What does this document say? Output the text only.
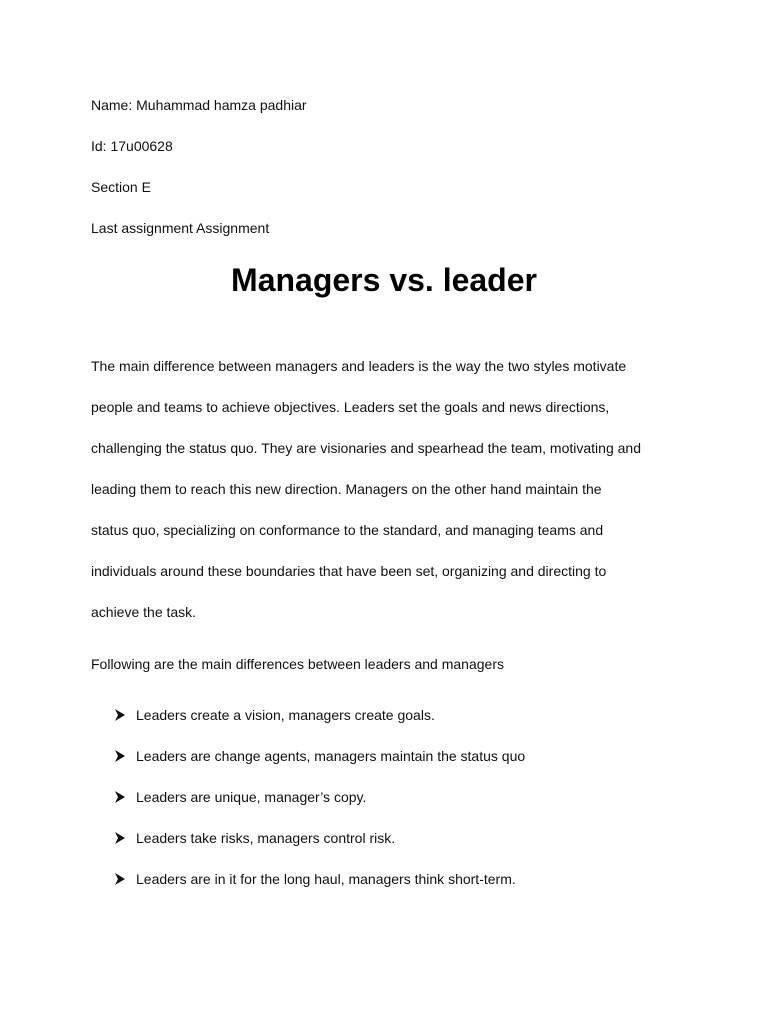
Name: Muhammad hamza padhiar
Id: 17u00628
Section E
Last assignment Assignment
Managers vs. leader
The main difference between managers and leaders is the way the two styles motivate
people and teams to achieve objectives. Leaders set the goals and news directions,
challenging the status quo. They are visionaries and spearhead the team, motivating and
leading them to reach this new direction. Managers on the other hand maintain the
status quo, specializing on conformance to the standard, and managing teams and
individuals around these boundaries that have been set, organizing and directing to
achieve the task.
Following are the main differences between leaders and managers
Leaders create a vision, managers create goals.
Leaders are change agents, managers maintain the status quo
Leaders are unique, manager’s copy.
Leaders take risks, managers control risk.
Leaders are in it for the long haul, managers think short-term.
